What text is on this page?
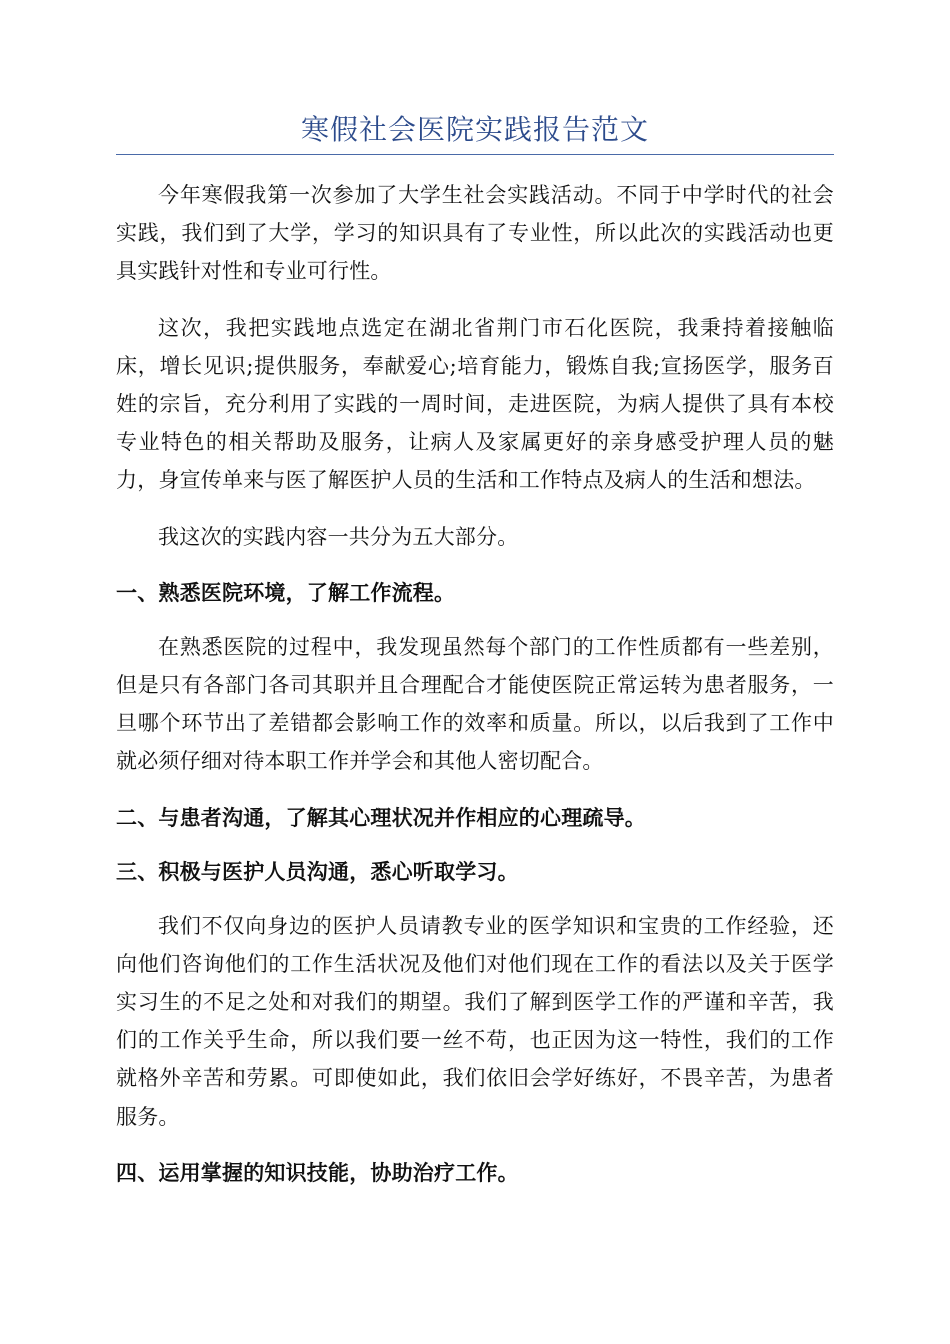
寒假社会医院实践报告范文

今年寒假我第一次参加了大学生社会实践活动。不同于中学时代的社会实践，我们到了大学，学习的知识具有了专业性，所以此次的实践活动也更具实践针对性和专业可行性。

这次，我把实践地点选定在湖北省荆门市石化医院，我秉持着接触临床，增长见识;提供服务，奉献爱心;培育能力，锻炼自我;宣扬医学，服务百姓的宗旨，充分利用了实践的一周时间，走进医院，为病人提供了具有本校专业特色的相关帮助及服务，让病人及家属更好的亲身感受护理人员的魅力，身宣传单来与医了解医护人员的生活和工作特点及病人的生活和想法。

我这次的实践内容一共分为五大部分。

一、熟悉医院环境，了解工作流程。

在熟悉医院的过程中，我发现虽然每个部门的工作性质都有一些差别，但是只有各部门各司其职并且合理配合才能使医院正常运转为患者服务，一旦哪个环节出了差错都会影响工作的效率和质量。所以，以后我到了工作中就必须仔细对待本职工作并学会和其他人密切配合。

二、与患者沟通，了解其心理状况并作相应的心理疏导。

三、积极与医护人员沟通，悉心听取学习。

我们不仅向身边的医护人员请教专业的医学知识和宝贵的工作经验，还向他们咨询他们的工作生活状况及他们对他们现在工作的看法以及关于医学实习生的不足之处和对我们的期望。我们了解到医学工作的严谨和辛苦，我们的工作关乎生命，所以我们要一丝不苟，也正因为这一特性，我们的工作就格外辛苦和劳累。可即使如此，我们依旧会学好练好，不畏辛苦，为患者服务。

四、运用掌握的知识技能，协助治疗工作。
